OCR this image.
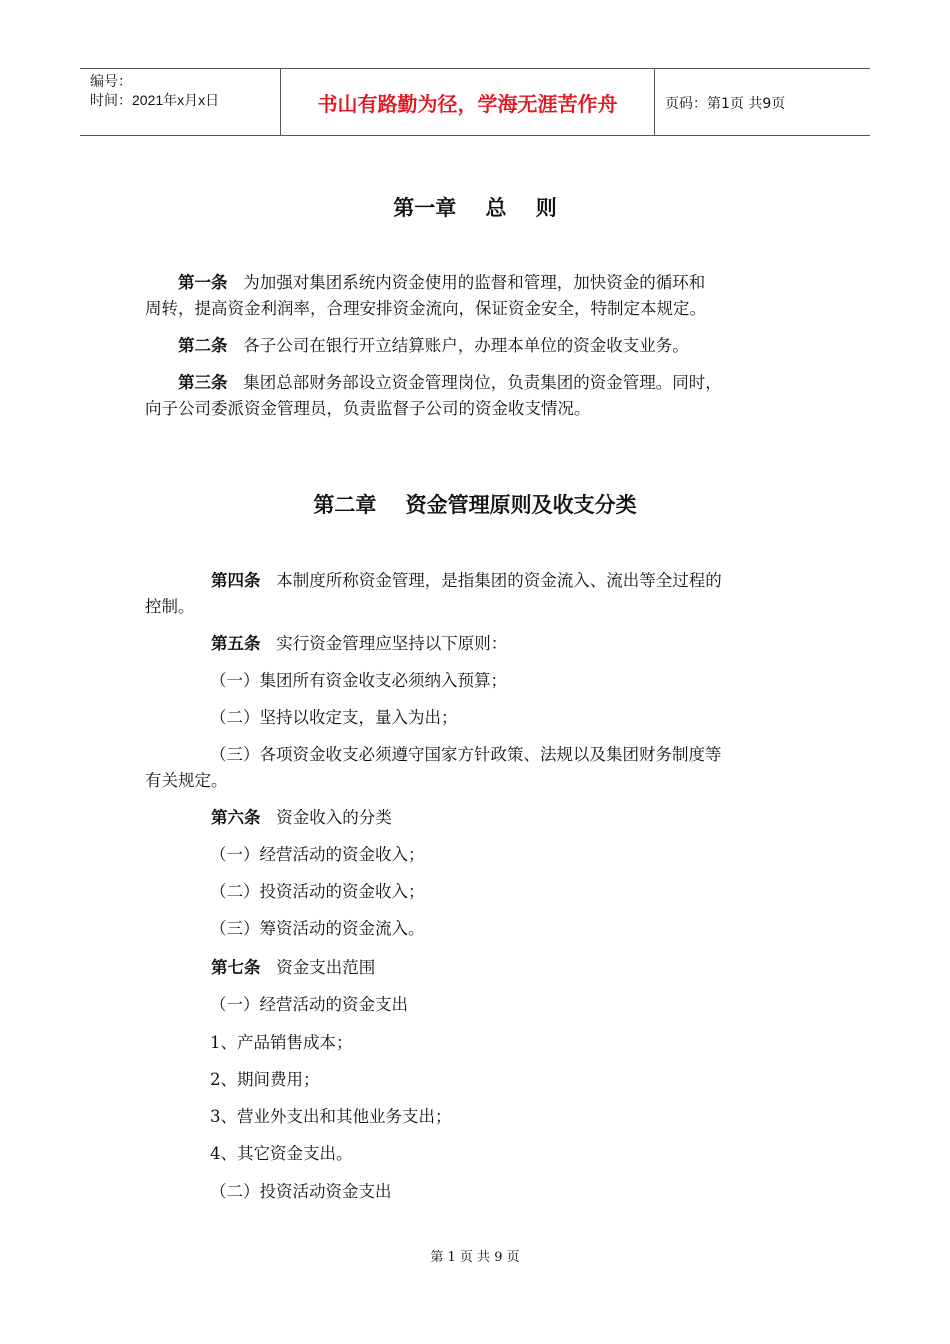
编号：
时间：2021年x月x日	书山有路勤为径，学海无涯苦作舟	页码：第1页 共9页
第一章    总    则
第一条   为加强对集团系统内资金使用的监督和管理，加快资金的循环和
周转，提高资金利润率，合理安排资金流向，保证资金安全，特制定本规定。
第二条   各子公司在银行开立结算账户，办理本单位的资金收支业务。
第三条   集团总部财务部设立资金管理岗位，负责集团的资金管理。同时，
向子公司委派资金管理员，负责监督子公司的资金收支情况。
第二章    资金管理原则及收支分类
第四条   本制度所称资金管理，是指集团的资金流入、流出等全过程的
控制。
第五条   实行资金管理应坚持以下原则：
（一）集团所有资金收支必须纳入预算；
（二）坚持以收定支，量入为出；
（三）各项资金收支必须遵守国家方针政策、法规以及集团财务制度等
有关规定。
第六条   资金收入的分类
（一）经营活动的资金收入；
（二）投资活动的资金收入；
（三）筹资活动的资金流入。
第七条   资金支出范围
（一）经营活动的资金支出
1、产品销售成本；
2、期间费用；
3、营业外支出和其他业务支出；
4、其它资金支出。
（二）投资活动资金支出
第 1 页 共 9 页
